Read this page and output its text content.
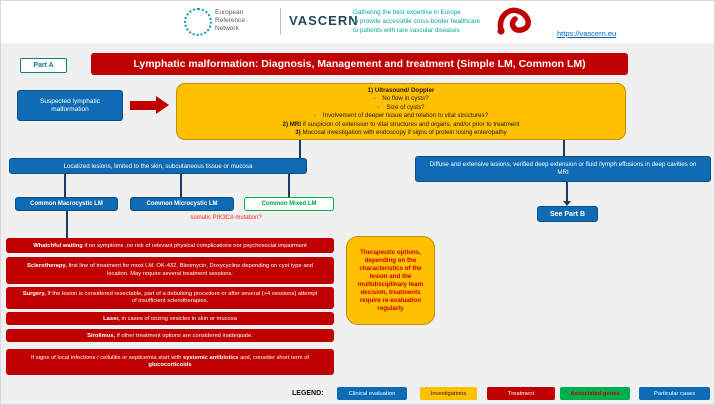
European
Reference
Network
VASCERN
Gathering the best expertise in Europe
to provide accessible cross-border healthcare
to patients with rare vascular diseases	https://vascern.eu
Part A	Lymphatic malformation: Diagnosis, Management and treatment (Simple LM, Common LM)
Suspected lymphatic malformation
1) Ultrasound/ Doppler
-    No flow in cysts?
-    Size of cysts?
-    Involvement of deeper tissue and relation to vital structures?
2) MRI if suspicion of extension to vital structures and organs, and/or prior to treatment
3) Mucosal investigation with endoscopy if signs of protein losing enteropathy
Localized lesions, limited to the skin, subcutaneous tissue or mucosa	Diffuse and extensive lesions, verified deep extension or fluid /lymph effusions in deep cavities on MRI
Common Macrocystic LM	Common Microcystic LM	Common Mixed LM
somatic PIK3CA mutation?
See Part B
Whatchful waiting if no symptoms ,no risk of relevant physical complications nor psychosocial impairment
Sclerotherapy, first line of treatment for most LM. OK-432, Bleomycin, Doxycycline depending on cyst type and location. May require several treatment sessions.
Surgery, If the lesion is considered resectable, part of a debulking procedure or after several (>4 sessions) attempt of insufficient sclerotherapies.
Laser, in cases of oozing vesicles in skin or mucosa
Sirolimus, if other treatment options are considered inadequate.
If signs of local infections / cellulitis or septicemia start with systemic antibiotics and, consider short term of glucocorticoids
Therapeutic options, depending on the characteristics of the lesion and the multidisciplinary team decision, treatments require re-evaluation regularly
LEGEND:	Clinical evaluation	Investigations	Treatment	Associated genes	Particular cases
